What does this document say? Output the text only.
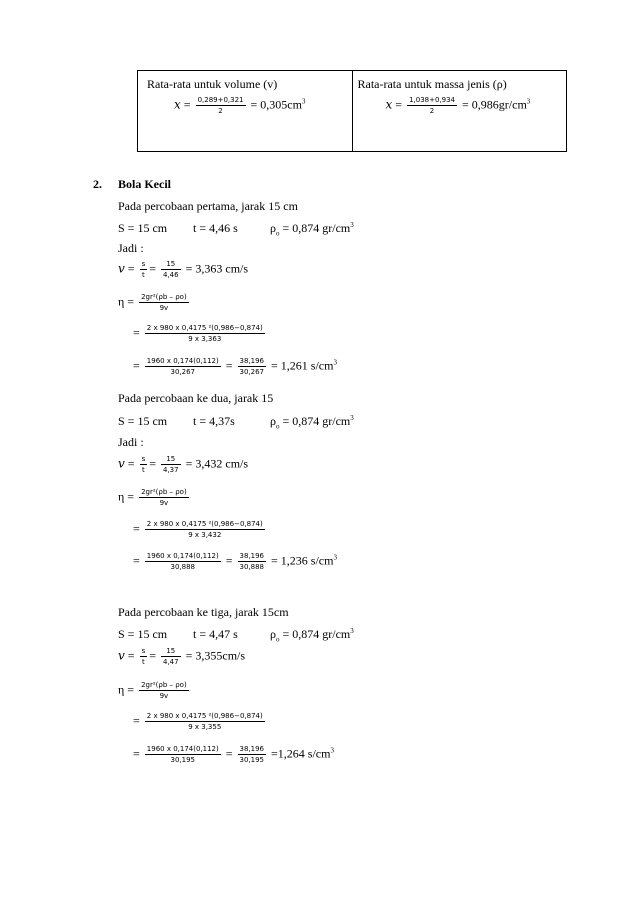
Rata-rata untuk volume (v)
$x = \frac{0,289+0,321}{2} = 0,305cm^3$

Rata-rata untuk massa jenis (ρ)
$x = \frac{1,038+0,934}{2} = 0,986gr/cm^3$
2. Bola Kecil
Pada percobaan pertama, jarak 15 cm
S = 15 cm t = 4,46 s	$\rho_o = 0,874$ $gr/cm^3$
Jadi :
$v = \frac{s}{t} = \frac{15}{4,46} = 3,363$ cm/s
$\eta = \frac{\text{2gr²(ρb – ρo)}}{9v}$
= $\frac{\text{2 x 980 x 0,4175 ²(0,986−0,874)}}{9 x 3,363}$
= $\frac{1960 x 0,174(0,112)}{30,267} = \frac{38,196}{30,267} = 1,261$ $s/cm^3$
Pada percobaan ke dua, jarak 15
S = 15 cm t = 4,37s	$\rho_o = 0,874$ $gr/cm^3$
Jadi :
$v = \frac{s}{t} = \frac{15}{4,37} = 3,432$ cm/s
$\eta = \frac{\text{2gr²(ρb – ρo)}}{9v}$
= $\frac{\text{2 x 980 x 0,4175 ²(0,986−0,874)}}{9 x 3,432}$
= $\frac{1960 x 0,174(0,112)}{30,888} = \frac{38,196}{30,888} = 1,236$ $s/cm^3$
Pada percobaan ke tiga, jarak 15cm
S = 15 cm t = 4,47 s	$\rho_o = 0,874$ $gr/cm^3$
$v = \frac{s}{t} = \frac{15}{4,47} = 3,355cm/s$
$\eta = \frac{\text{2gr²(ρb – ρo)}}{9v}$
= $\frac{\text{2 x 980 x 0,4175 ²(0,986−0,874)}}{9 x 3,355}$
= $\frac{1960 x 0,174(0,112)}{30,195} = \frac{38,196}{30,195} =1,264$ $s/cm^3$
